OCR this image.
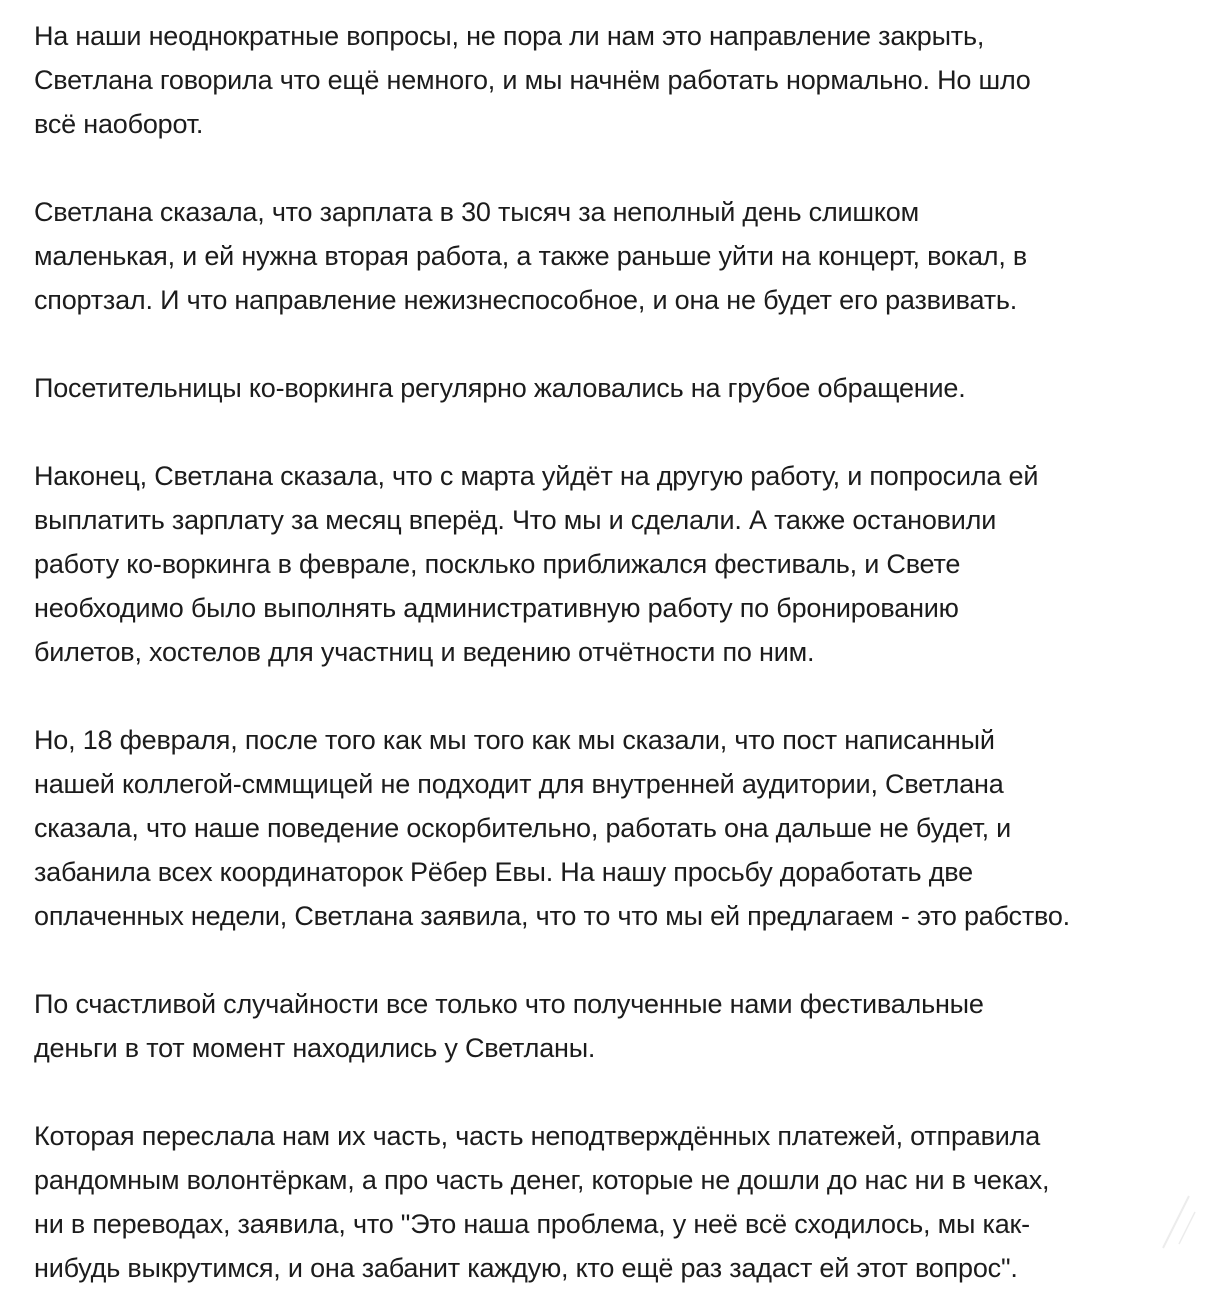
На наши неоднократные вопросы, не пора ли нам это направление закрыть,
Светлана говорила что ещё немного, и мы начнём работать нормально. Но шло
всё наоборот.

Светлана сказала, что зарплата в 30 тысяч за неполный день слишком
маленькая, и ей нужна вторая работа, а также раньше уйти на концерт, вокал, в
спортзал. И что направление нежизнеспособное, и она не будет его развивать.

Посетительницы ко-воркинга регулярно жаловались на грубое обращение.

Наконец, Светлана сказала, что с марта уйдёт на другую работу, и попросила ей
выплатить зарплату за месяц вперёд. Что мы и сделали. А также остановили
работу ко-воркинга в феврале, посклько приближался фестиваль, и Свете
необходимо было выполнять административную работу по бронированию
билетов, хостелов для участниц и ведению отчётности по ним.

Но, 18 февраля, после того как мы того как мы сказали, что пост написанный
нашей коллегой-сммщицей не подходит для внутренней аудитории, Светлана
сказала, что наше поведение оскорбительно, работать она дальше не будет, и
забанила всех координаторок Рёбер Евы. На нашу просьбу доработать две
оплаченных недели, Светлана заявила, что то что мы ей предлагаем - это рабство.

По счастливой случайности все только что полученные нами фестивальные
деньги в тот момент находились у Светланы.

Которая переслала нам их часть, часть неподтверждённых платежей, отправила
рандомным волонтёркам, а про часть денег, которые не дошли до нас ни в чеках,
ни в переводах, заявила, что "Это наша проблема, у неё всё сходилось, мы как-
нибудь выкрутимся, и она забанит каждую, кто ещё раз задаст ей этот вопрос".
